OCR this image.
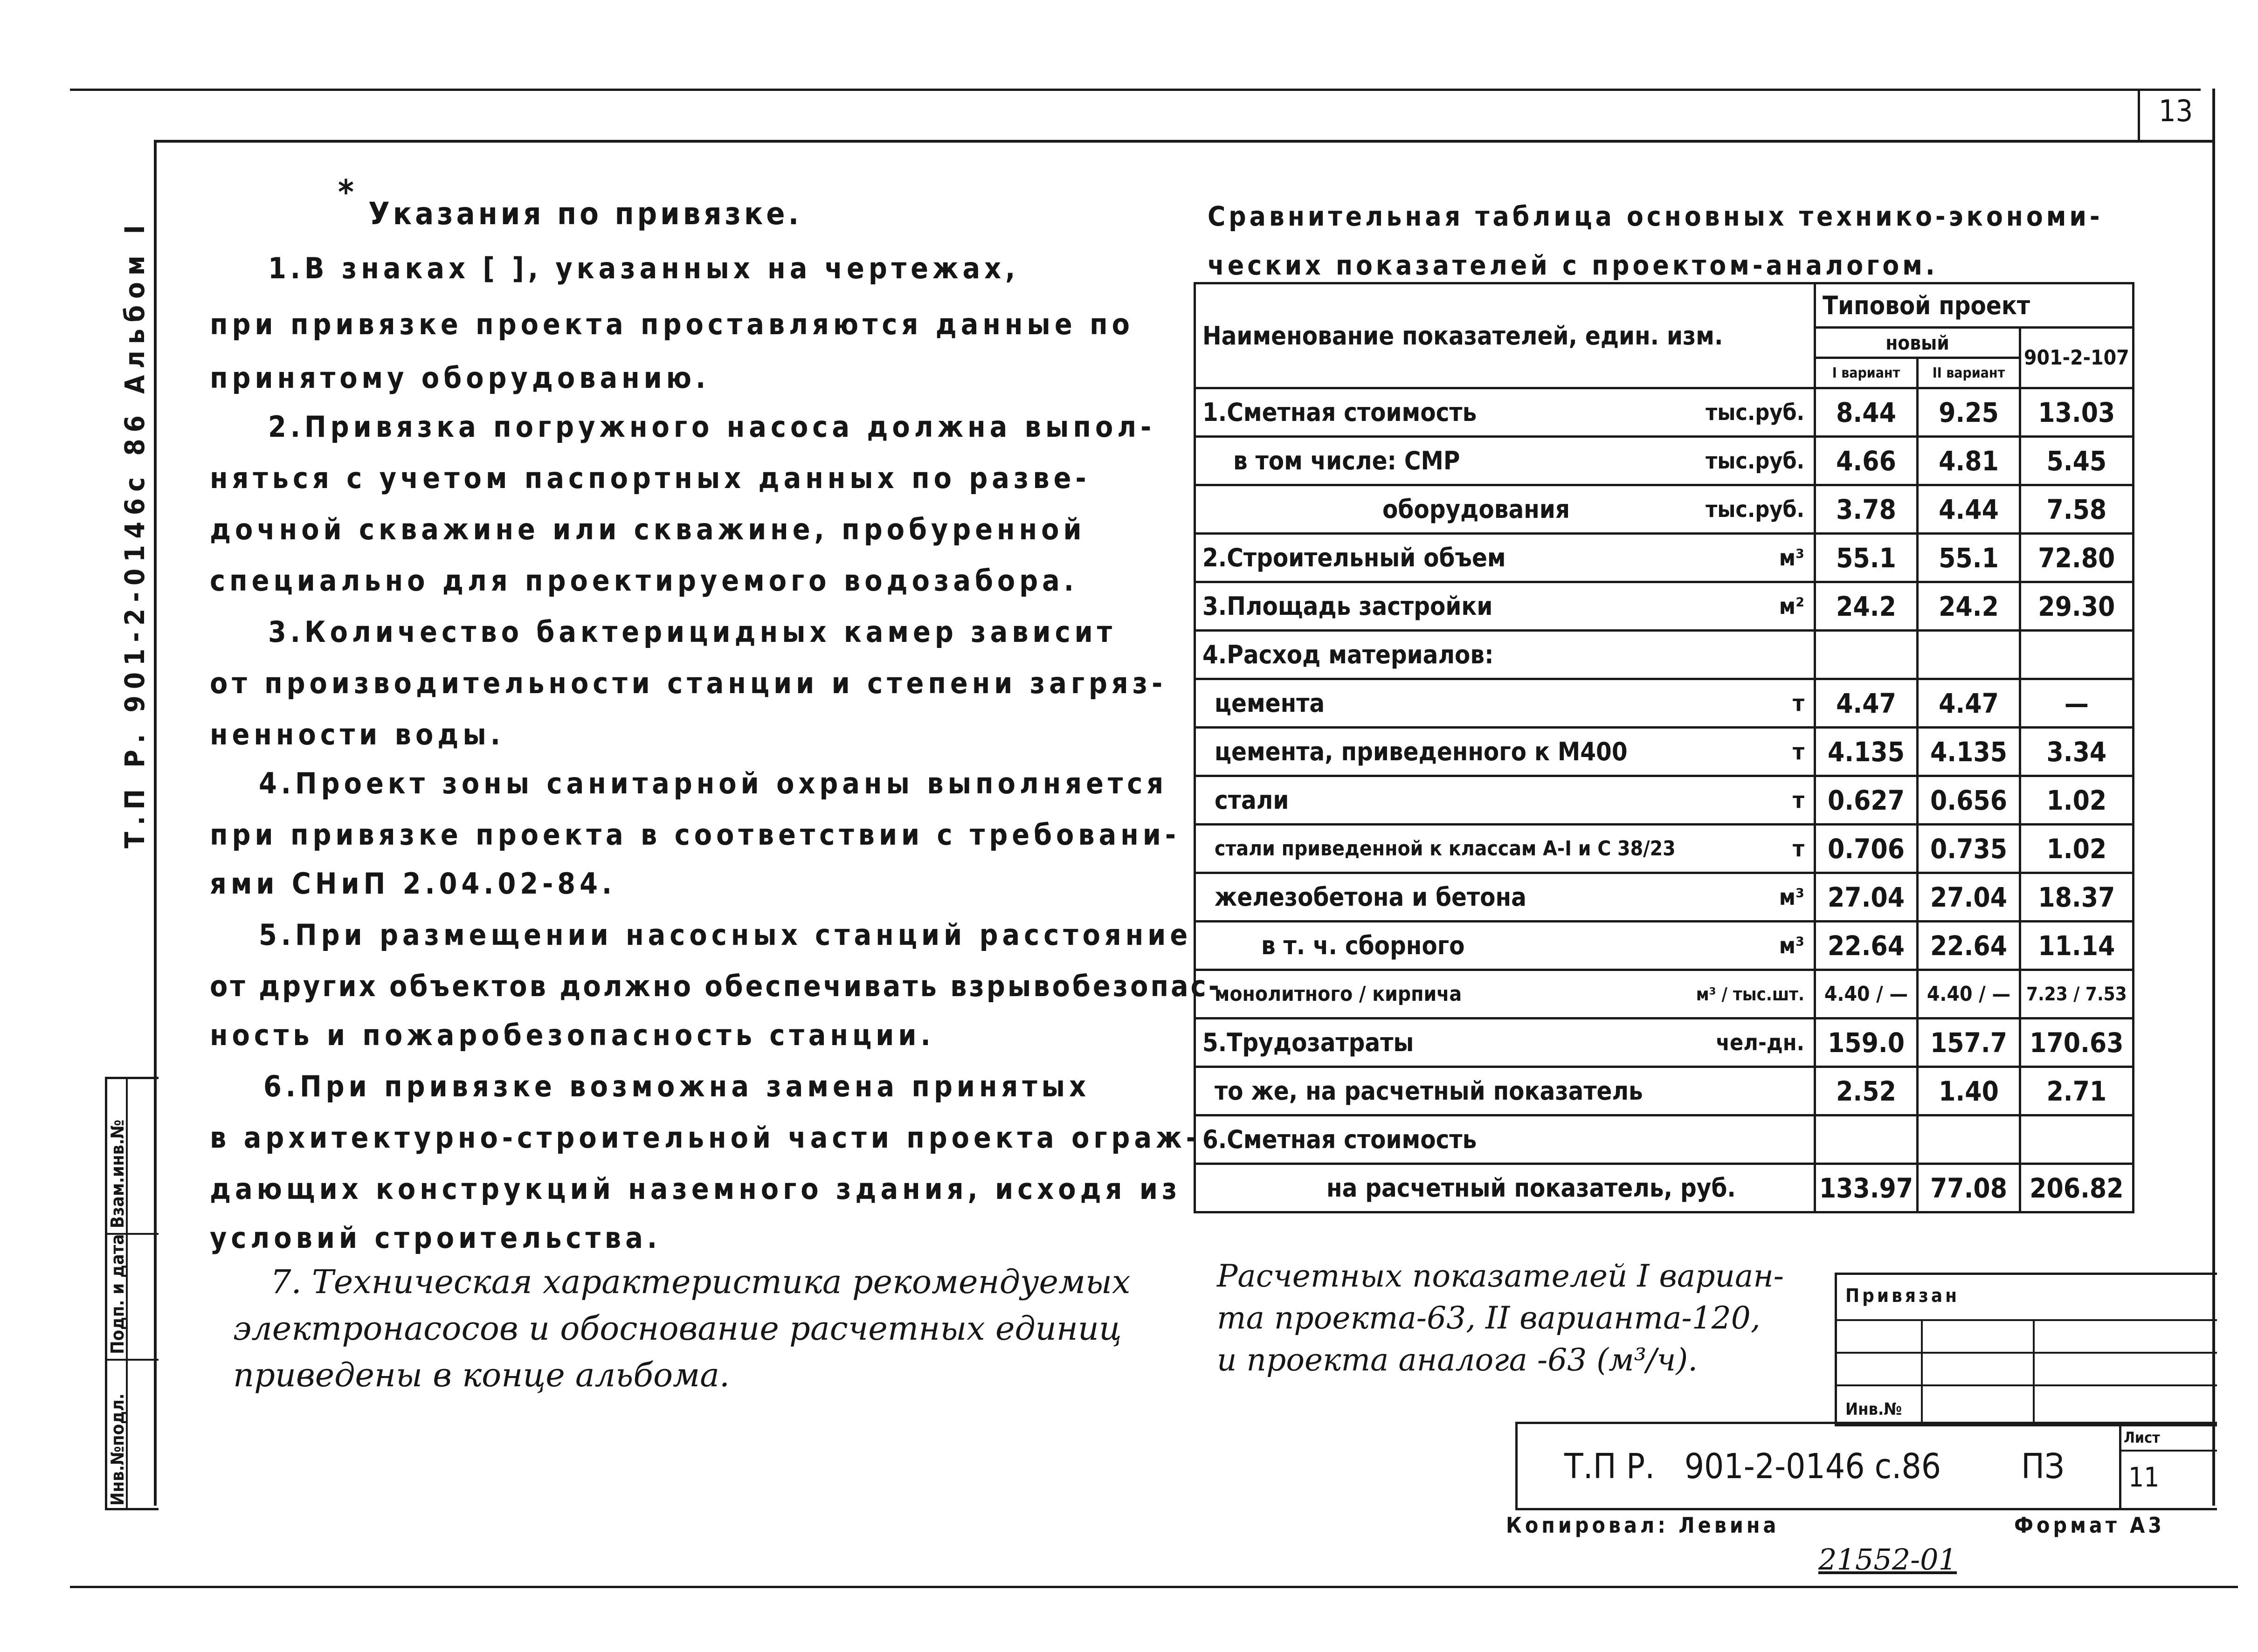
13
Т.П Р. 901-2-0146с 86 Альбом I
Инв.№подл.
Подп. и дата
Взам.инв.№
*
Указания по привязке.
1.В знаках [ ], указанных на чертежах,
при привязке проекта проставляются данные по
принятому оборудованию.
2.Привязка погружного насоса должна выпол-
няться с учетом паспортных данных по разве-
дочной скважине или скважине, пробуренной
специально для проектируемого водозабора.
3.Количество бактерицидных камер зависит
от производительности станции и степени загряз-
ненности воды.
4.Проект зоны санитарной охраны выполняется
при привязке проекта в соответствии с требовани-
ями СНиП 2.04.02-84.
5.При размещении насосных станций расстояние
от других объектов должно обеспечивать взрывобезопас-
ность и пожаробезопасность станции.
6.При привязке возможна замена принятых
в архитектурно-строительной части проекта ограж-
дающих конструкций наземного здания, исходя из
условий строительства.
7. Техническая характеристика рекомендуемых
электронасосов и обоснование расчетных единиц
приведены в конце альбома.
Сравнительная таблица основных технико-экономи-
ческих показателей с проектом-аналогом.
Наименование показателей, един. изм.	Типовой проект		
	новый		901-2-107
	I вариант	II вариант	
1.Сметная стоимость тыс.руб.	8.44	9.25	13.03
в том числе: СМР тыс.руб.	4.66	4.81	5.45
оборудования тыс.руб.	3.78	4.44	7.58
2.Строительный объем м³	55.1	55.1	72.80
3.Площадь застройки м²	24.2	24.2	29.30
4.Расход материалов:

цемента т	4.47	4.47	—
цемента, приведенного к М400 т	4.135	4.135	3.34
стали т	0.627	0.656	1.02
стали приведенной к классам А-I и С 38/23 т	0.706	0.735	1.02
железобетона и бетона м³	27.04	27.04	18.37
в т. ч. сборного м³	22.64	22.64	11.14
монолитного / кирпича м³ / тыс.шт.	4.40 / —	4.40 / —	7.23 / 7.53
5.Трудозатраты чел-дн.	159.0	157.7	170.63
то же, на расчетный показатель	2.52	1.40	2.71
6.Сметная стоимость

на расчетный показатель, руб.	133.97	77.08	206.82
Расчетных показателей I вариан-
та проекта-63, II варианта-120,
и проекта аналога -63 (м³/ч).
Привязан
Инв.№
Т.П Р.   901-2-0146 с.86 ПЗ
Лист
11
Копировал: Левина	Формат А3
21552-01
